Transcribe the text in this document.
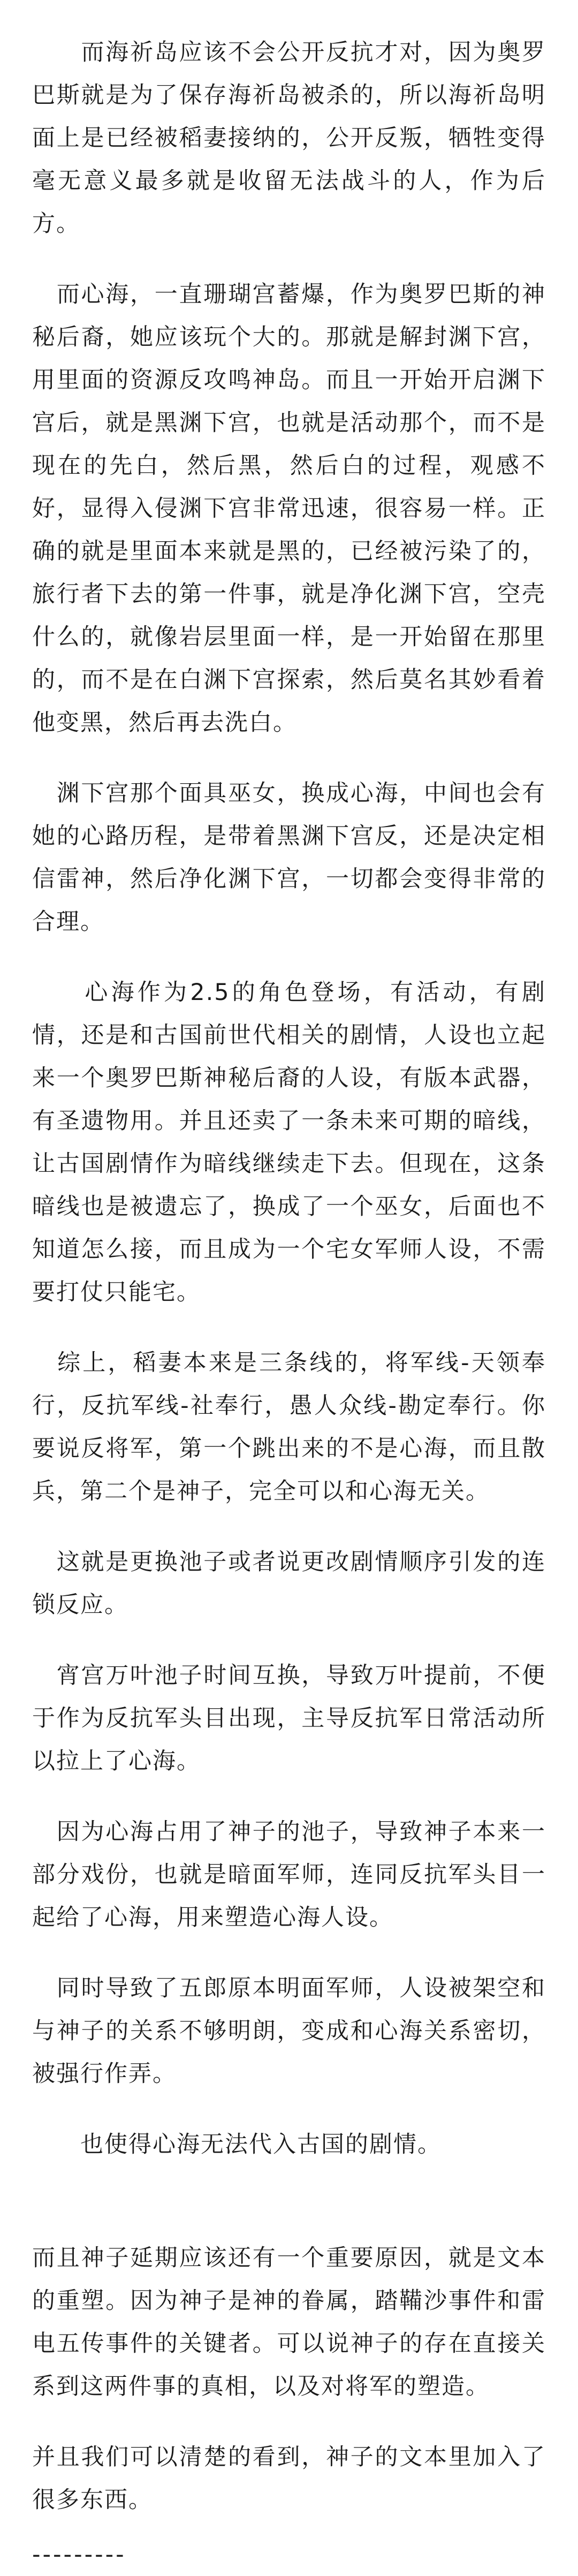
　　而海祈岛应该不会公开反抗才对，因为奥罗巴斯就是为了保存海祈岛被杀的，所以海祈岛明面上是已经被稻妻接纳的，公开反叛，牺牲变得毫无意义最多就是收留无法战斗的人，作为后方。

　而心海，一直珊瑚宫蓄爆，作为奥罗巴斯的神秘后裔，她应该玩个大的。那就是解封渊下宫，用里面的资源反攻鸣神岛。而且一开始开启渊下宫后，就是黑渊下宫，也就是活动那个，而不是现在的先白，然后黑，然后白的过程，观感不好，显得入侵渊下宫非常迅速，很容易一样。正确的就是里面本来就是黑的，已经被污染了的，旅行者下去的第一件事，就是净化渊下宫，空壳什么的，就像岩层里面一样，是一开始留在那里的，而不是在白渊下宫探索，然后莫名其妙看着他变黑，然后再去洗白。

　渊下宫那个面具巫女，换成心海，中间也会有她的心路历程，是带着黑渊下宫反，还是决定相信雷神，然后净化渊下宫，一切都会变得非常的合理。

　　心海作为2.5的角色登场，有活动，有剧情，还是和古国前世代相关的剧情，人设也立起来一个奥罗巴斯神秘后裔的人设，有版本武器，有圣遗物用。并且还卖了一条未来可期的暗线，让古国剧情作为暗线继续走下去。但现在，这条暗线也是被遗忘了，换成了一个巫女，后面也不知道怎么接，而且成为一个宅女军师人设，不需要打仗只能宅。

　综上，稻妻本来是三条线的，将军线-天领奉行，反抗军线-社奉行，愚人众线-勘定奉行。你要说反将军，第一个跳出来的不是心海，而且散兵，第二个是神子，完全可以和心海无关。

　这就是更换池子或者说更改剧情顺序引发的连锁反应。

　宵宫万叶池子时间互换，导致万叶提前，不便于作为反抗军头目出现，主导反抗军日常活动所以拉上了心海。

　因为心海占用了神子的池子，导致神子本来一部分戏份，也就是暗面军师，连同反抗军头目一起给了心海，用来塑造心海人设。

　同时导致了五郎原本明面军师，人设被架空和与神子的关系不够明朗，变成和心海关系密切，被强行作弄。

　　也使得心海无法代入古国的剧情。

而且神子延期应该还有一个重要原因，就是文本的重塑。因为神子是神的眷属，踏鞴沙事件和雷电五传事件的关键者。可以说神子的存在直接关系到这两件事的真相，以及对将军的塑造。

并且我们可以清楚的看到，神子的文本里加入了很多东西。

---------
